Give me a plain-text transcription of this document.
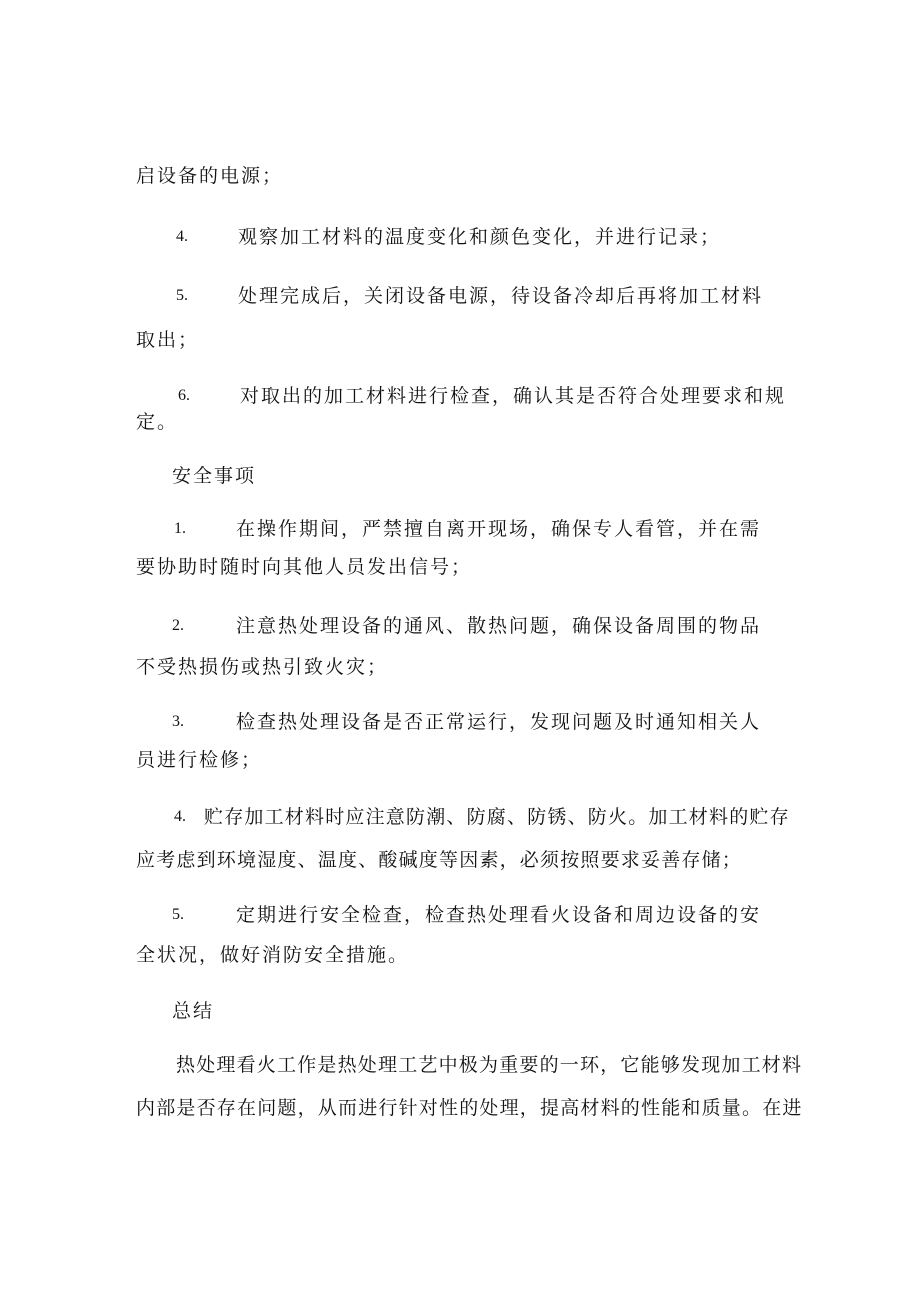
启设备的电源；
4.	观察加工材料的温度变化和颜色变化，并进行记录；
5.	处理完成后，关闭设备电源，待设备冷却后再将加工材料
取出；
6.	对取出的加工材料进行检查，确认其是否符合处理要求和规
定。
安全事项
1.	在操作期间，严禁擅自离开现场，确保专人看管，并在需
要协助时随时向其他人员发出信号；
2.	注意热处理设备的通风、散热问题，确保设备周围的物品
不受热损伤或热引致火灾；
3.	检查热处理设备是否正常运行，发现问题及时通知相关人
员进行检修；
4. 贮存加工材料时应注意防潮、防腐、防锈、防火。加工材料的贮存
应考虑到环境湿度、温度、酸碱度等因素，必须按照要求妥善存储；
5.	定期进行安全检查，检查热处理看火设备和周边设备的安
全状况，做好消防安全措施。
总结
热处理看火工作是热处理工艺中极为重要的一环，它能够发现加工材料
内部是否存在问题，从而进行针对性的处理，提高材料的性能和质量。在进
